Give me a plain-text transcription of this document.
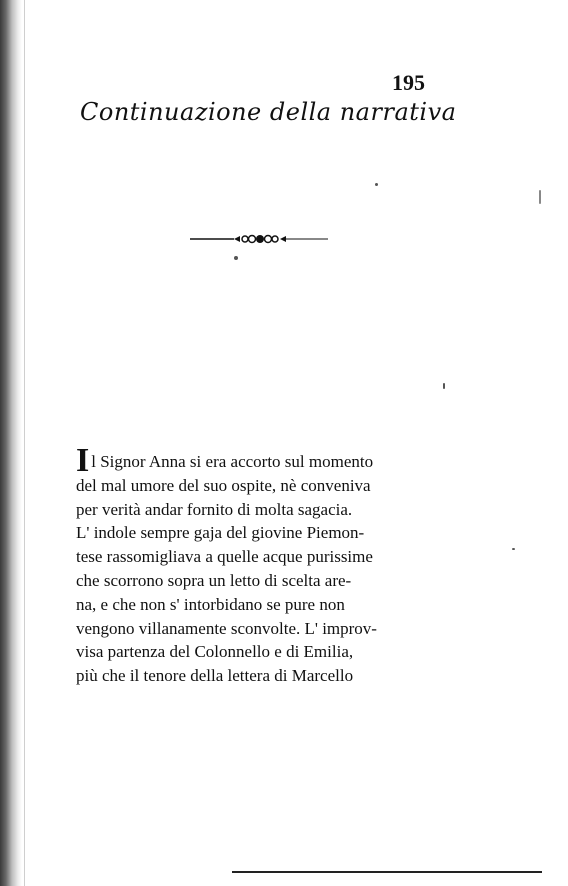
195
Continuazione della narrativa
Il Signor Anna si era accorto sul momento
del mal umore del suo ospite, nè conveniva
per verità andar fornito di molta sagacia.
L' indole sempre gaja del giovine Piemon-
tese rassomigliava a quelle acque purissime
che scorrono sopra un letto di scelta are-
na, e che non s' intorbidano se pure non
vengono villanamente sconvolte. L' improv-
visa partenza del Colonnello e di Emilia,
più che il tenore della lettera di Marcello
